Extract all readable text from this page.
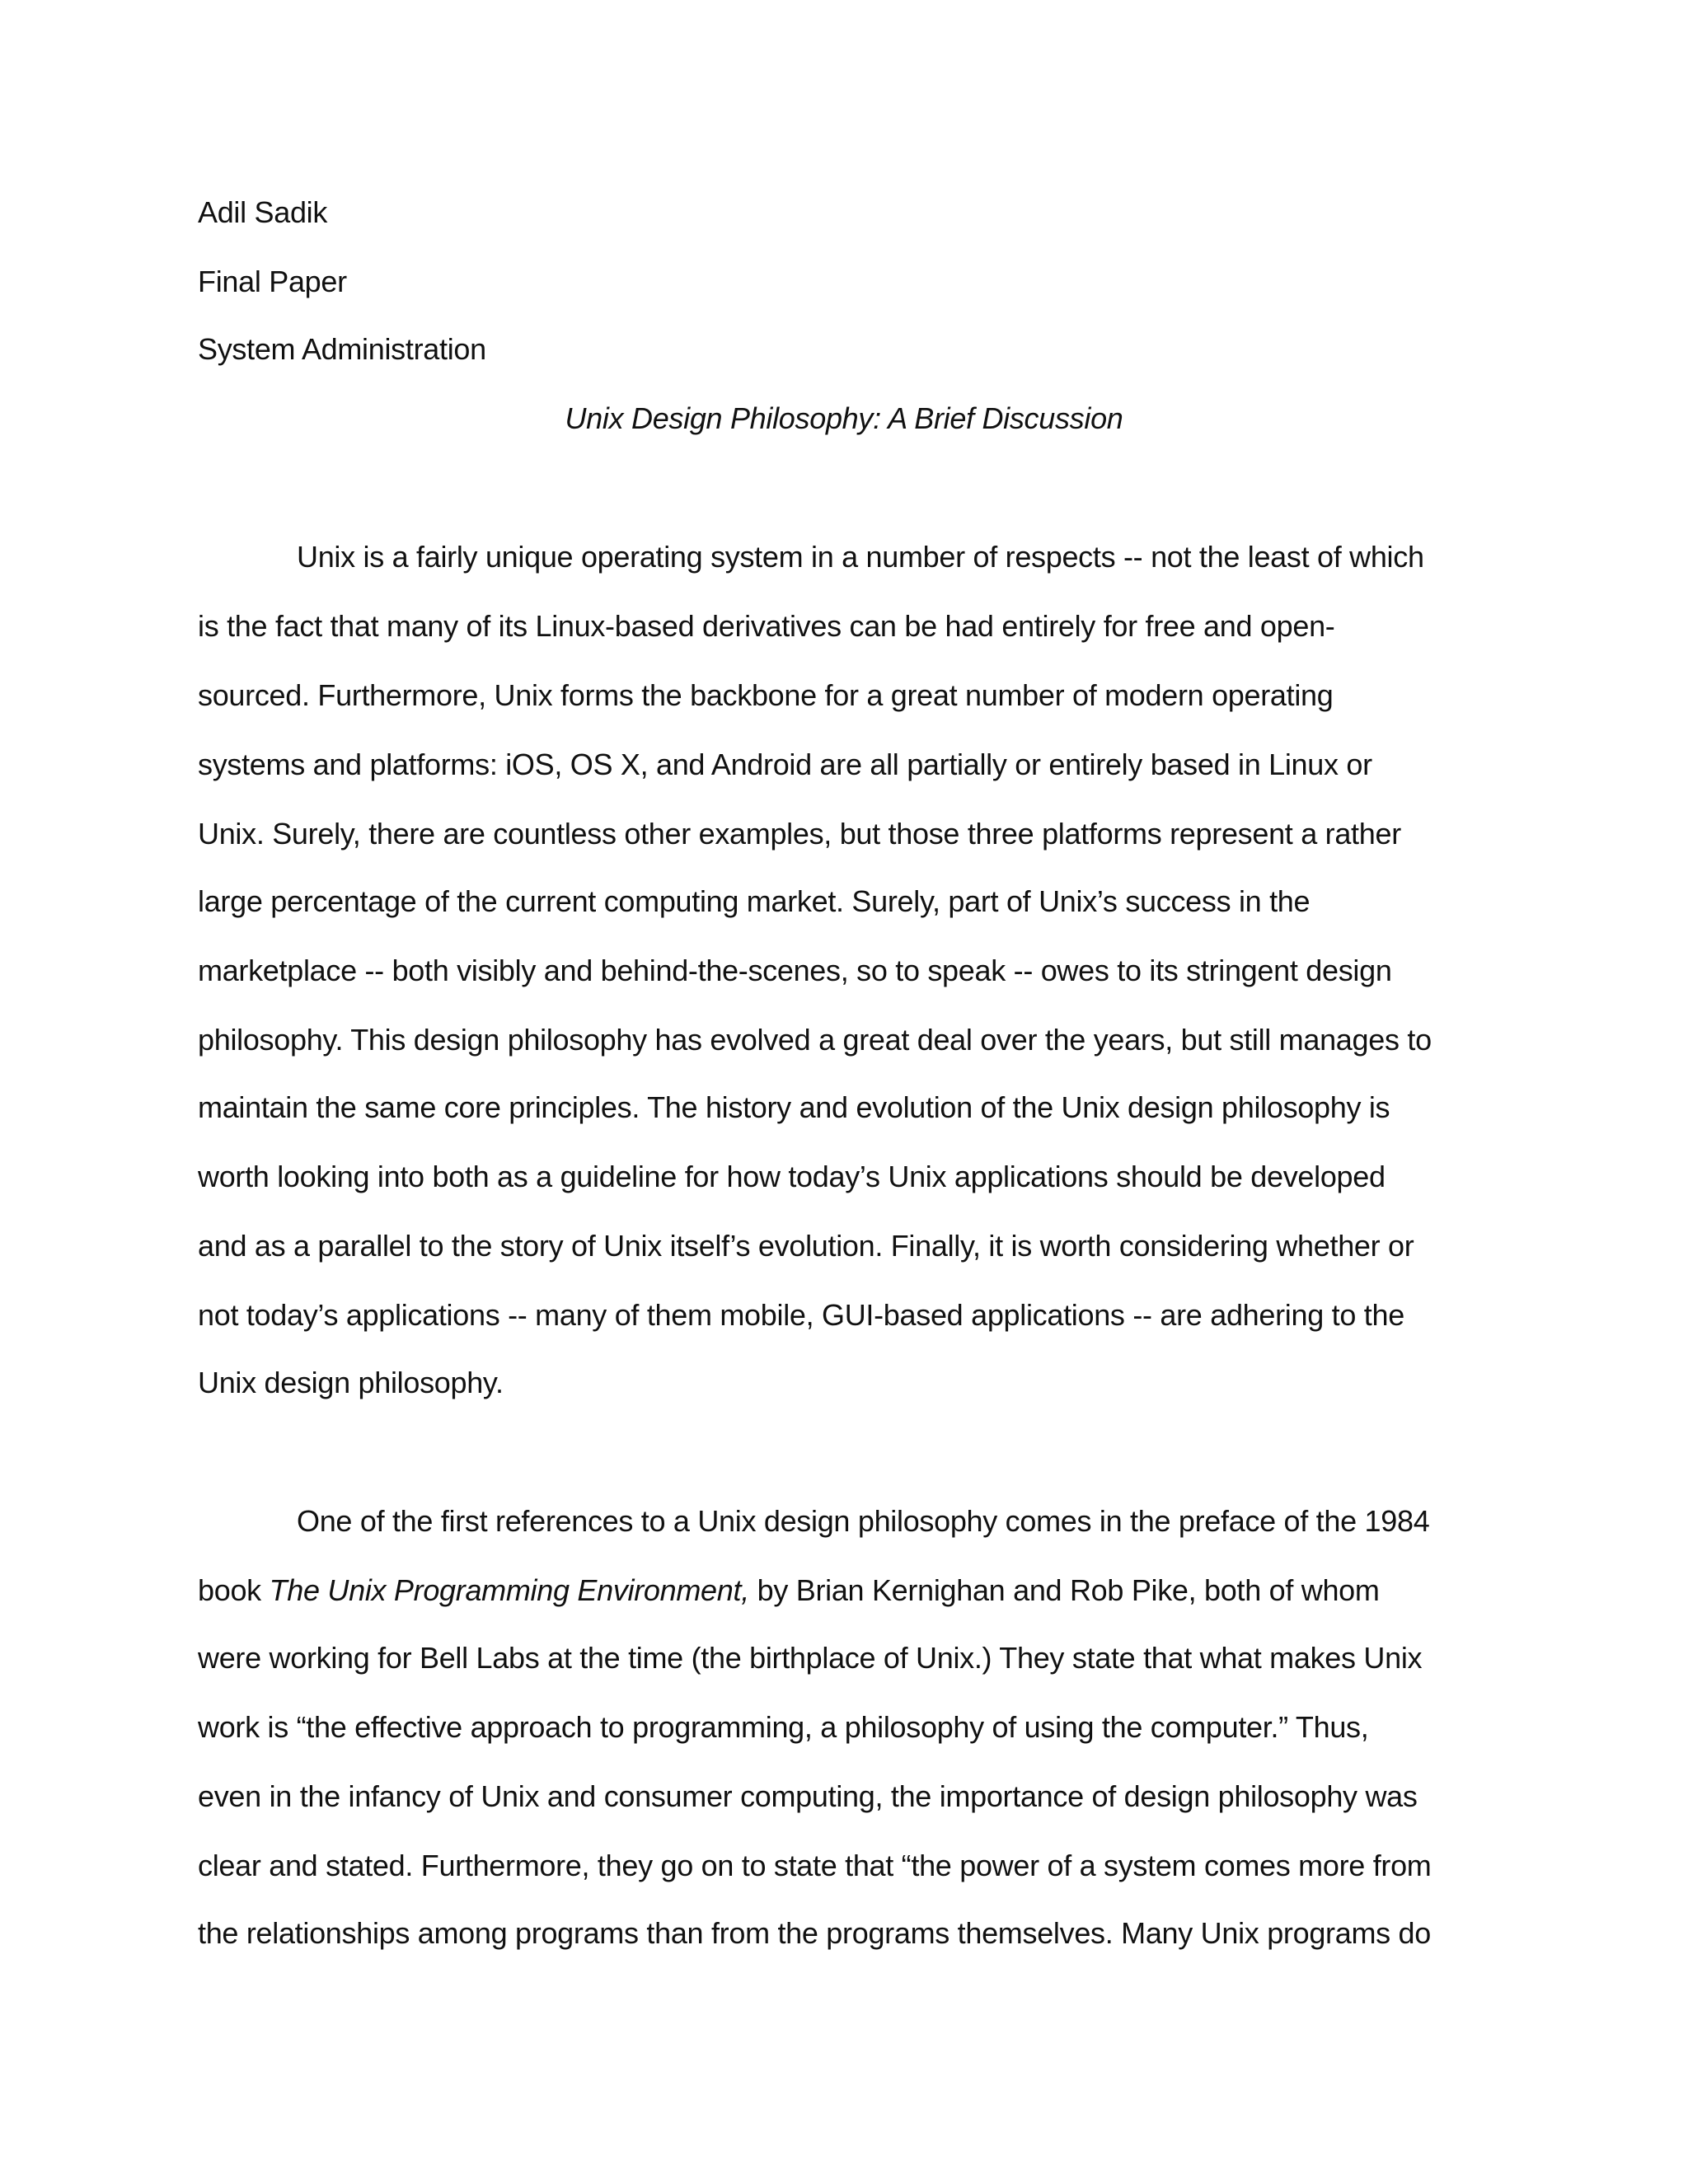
Adil Sadik
Final Paper
System Administration
Unix Design Philosophy: A Brief Discussion
Unix is a fairly unique operating system in a number of respects -- not the least of which
is the fact that many of its Linux-based derivatives can be had entirely for free and open-
sourced. Furthermore, Unix forms the backbone for a great number of modern operating
systems and platforms: iOS, OS X, and Android are all partially or entirely based in Linux or
Unix. Surely, there are countless other examples, but those three platforms represent a rather
large percentage of the current computing market. Surely, part of Unix’s success in the
marketplace -- both visibly and behind-the-scenes, so to speak -- owes to its stringent design
philosophy. This design philosophy has evolved a great deal over the years, but still manages to
maintain the same core principles. The history and evolution of the Unix design philosophy is
worth looking into both as a guideline for how today’s Unix applications should be developed
and as a parallel to the story of Unix itself’s evolution. Finally, it is worth considering whether or
not today’s applications -- many of them mobile, GUI-based applications -- are adhering to the
Unix design philosophy.
One of the first references to a Unix design philosophy comes in the preface of the 1984
book The Unix Programming Environment, by Brian Kernighan and Rob Pike, both of whom
were working for Bell Labs at the time (the birthplace of Unix.) They state that what makes Unix
work is “the effective approach to programming, a philosophy of using the computer.” Thus,
even in the infancy of Unix and consumer computing, the importance of design philosophy was
clear and stated. Furthermore, they go on to state that “the power of a system comes more from
the relationships among programs than from the programs themselves. Many Unix programs do
